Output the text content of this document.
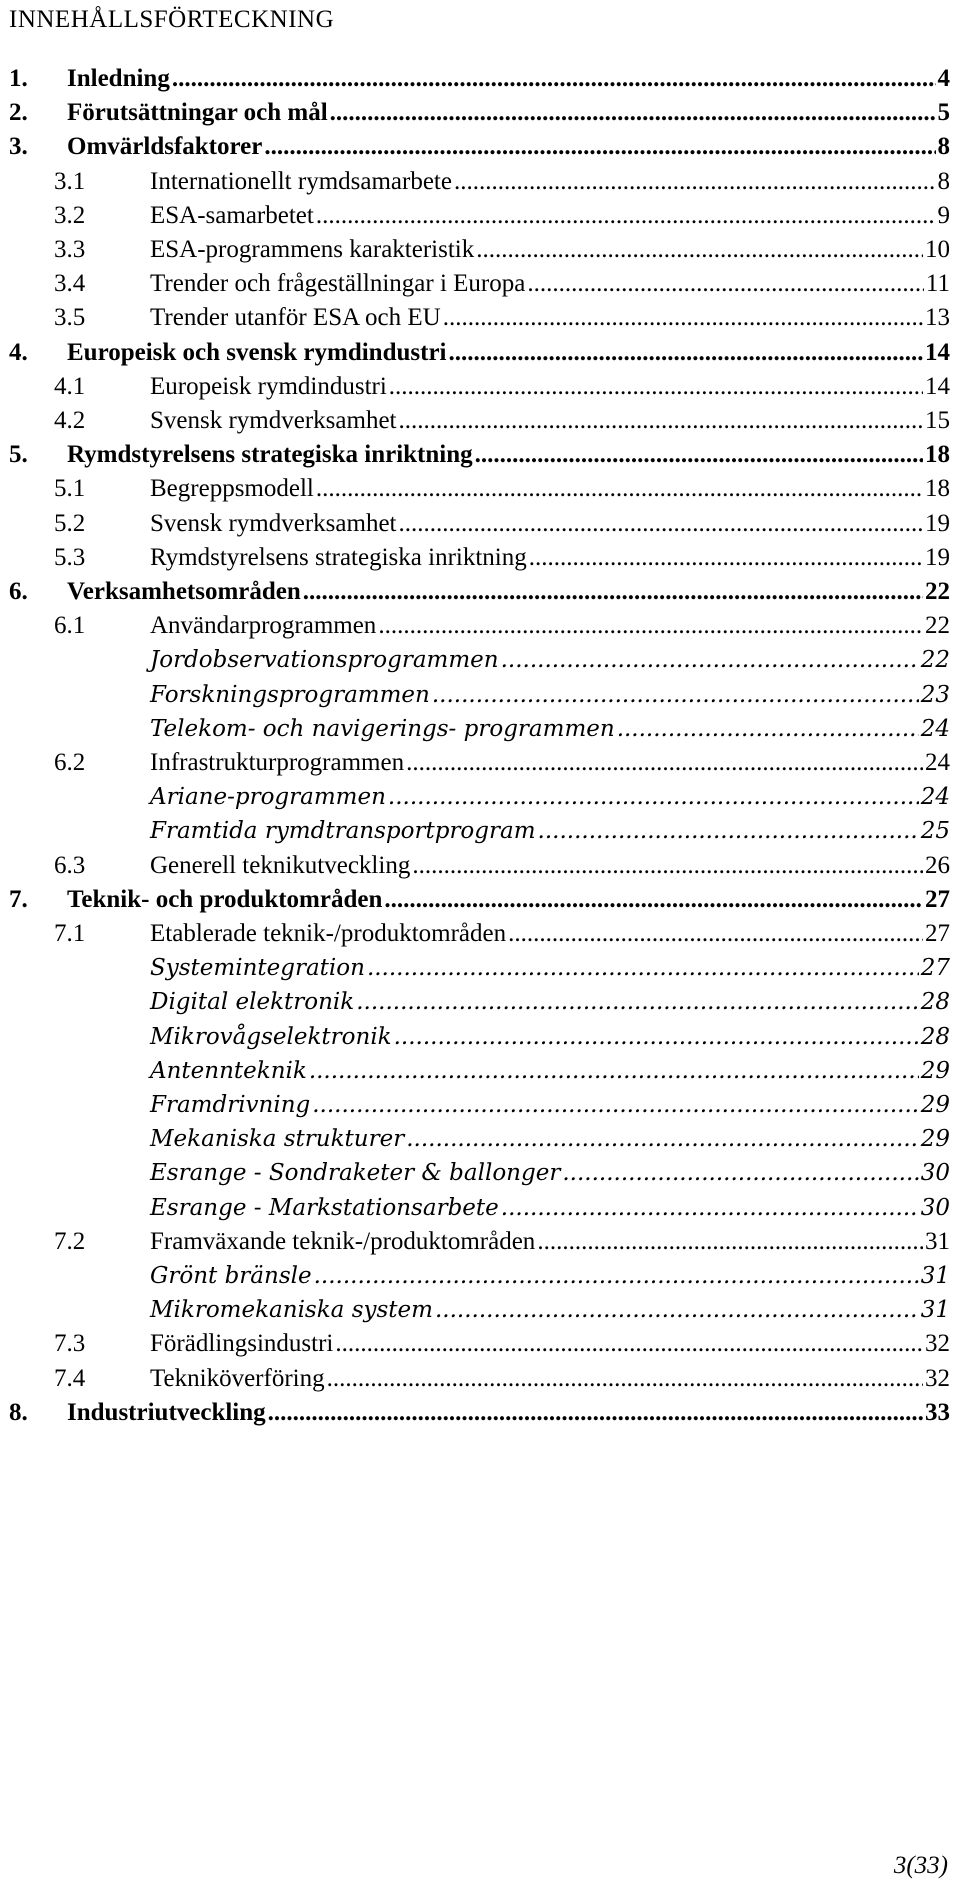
INNEHÅLLSFÖRTECKNING
1. Inledning .....	4
2. Förutsättningar och mål .....	5
3. Omvärldsfaktorer .....	8
3.1	Internationellt rymdsamarbete .....	8
3.2	ESA-samarbetet .....	9
3.3	ESA-programmens karakteristik .....	10
3.4	Trender och frågeställningar i Europa .....	11
3.5	Trender utanför ESA och EU .....	13
4. Europeisk och svensk rymdindustri .....	14
4.1	Europeisk rymdindustri .....	14
4.2	Svensk rymdverksamhet .....	15
5. Rymdstyrelsens strategiska inriktning .....	18
5.1	Begreppsmodell .....	18
5.2	Svensk rymdverksamhet .....	19
5.3	Rymdstyrelsens strategiska inriktning .....	19
6. Verksamhetsområden .....	22
6.1	Användarprogrammen .....	22
Jordobservationsprogrammen .....	22
Forskningsprogrammen .....	23
Telekom- och navigerings- programmen .....	24
6.2	Infrastrukturprogrammen .....	24
Ariane-programmen .....	24
Framtida rymdtransportprogram .....	25
6.3	Generell teknikutveckling .....	26
7. Teknik- och produktområden .....	27
7.1	Etablerade teknik-/produktområden .....	27
Systemintegration .....	27
Digital elektronik .....	28
Mikrovågselektronik .....	28
Antennteknik .....	29
Framdrivning .....	29
Mekaniska strukturer .....	29
Esrange - Sondraketer & ballonger .....	30
Esrange - Markstationsarbete .....	30
7.2	Framväxande teknik-/produktområden .....	31
Grönt bränsle .....	31
Mikromekaniska system .....	31
7.3	Förädlingsindustri .....	32
7.4	Tekniköverföring .....	32
8. Industriutveckling .....	33
3(33)
